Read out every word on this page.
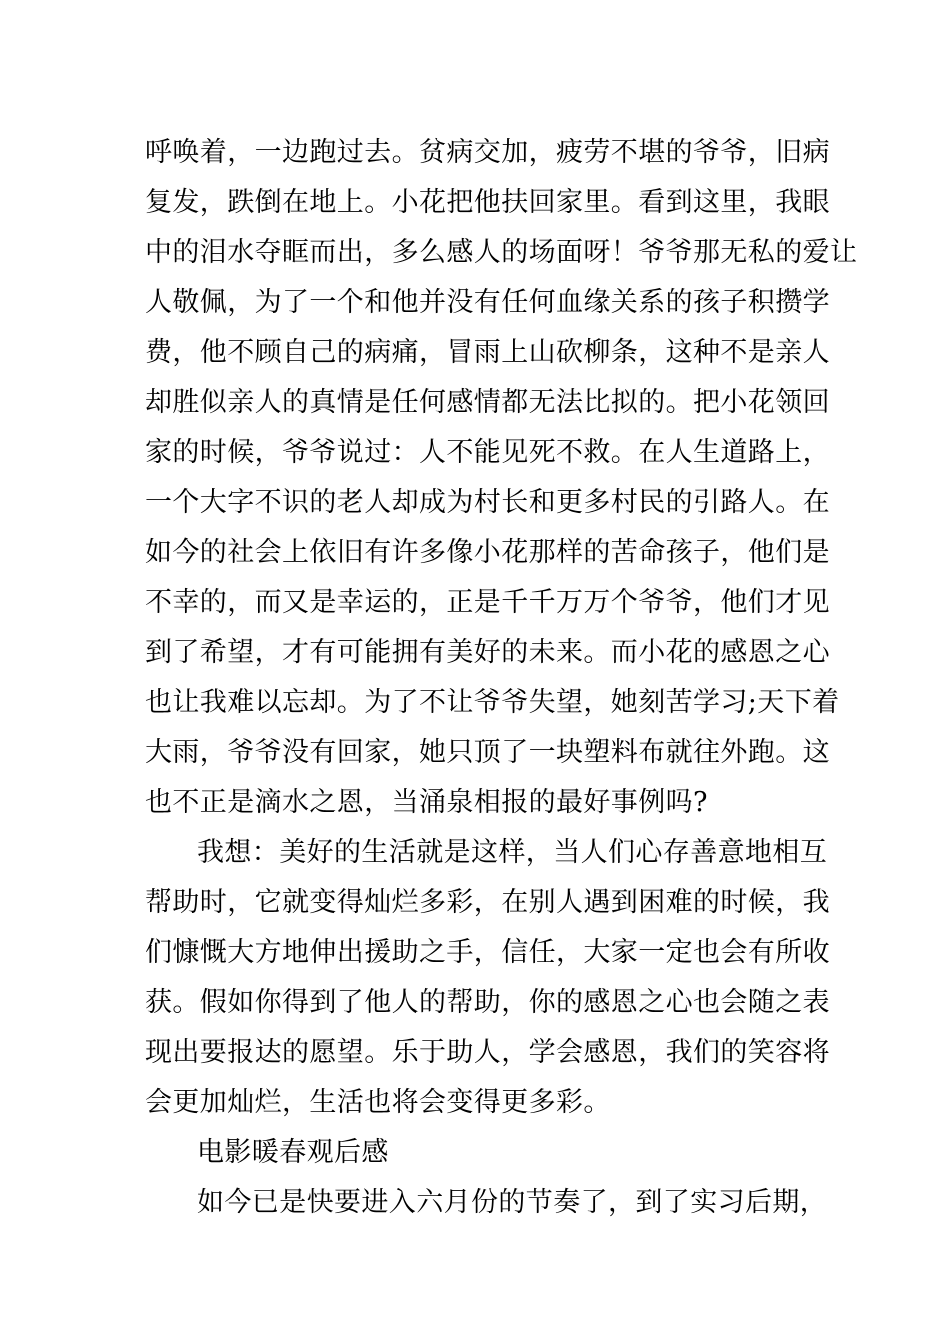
呼唤着，一边跑过去。贫病交加，疲劳不堪的爷爷，旧病
复发，跌倒在地上。小花把他扶回家里。看到这里，我眼
中的泪水夺眶而出，多么感人的场面呀！爷爷那无私的爱让
人敬佩，为了一个和他并没有任何血缘关系的孩子积攒学
费，他不顾自己的病痛，冒雨上山砍柳条，这种不是亲人
却胜似亲人的真情是任何感情都无法比拟的。把小花领回
家的时候，爷爷说过：人不能见死不救。在人生道路上，
一个大字不识的老人却成为村长和更多村民的引路人。在
如今的社会上依旧有许多像小花那样的苦命孩子，他们是
不幸的，而又是幸运的，正是千千万万个爷爷，他们才见
到了希望，才有可能拥有美好的未来。而小花的感恩之心
也让我难以忘却。为了不让爷爷失望，她刻苦学习;天下着
大雨，爷爷没有回家，她只顶了一块塑料布就往外跑。这
也不正是滴水之恩，当涌泉相报的最好事例吗?
我想：美好的生活就是这样，当人们心存善意地相互
帮助时，它就变得灿烂多彩，在别人遇到困难的时候，我
们慷慨大方地伸出援助之手，信任，大家一定也会有所收
获。假如你得到了他人的帮助，你的感恩之心也会随之表
现出要报达的愿望。乐于助人，学会感恩，我们的笑容将
会更加灿烂，生活也将会变得更多彩。
电影暖春观后感
如今已是快要进入六月份的节奏了，到了实习后期，
